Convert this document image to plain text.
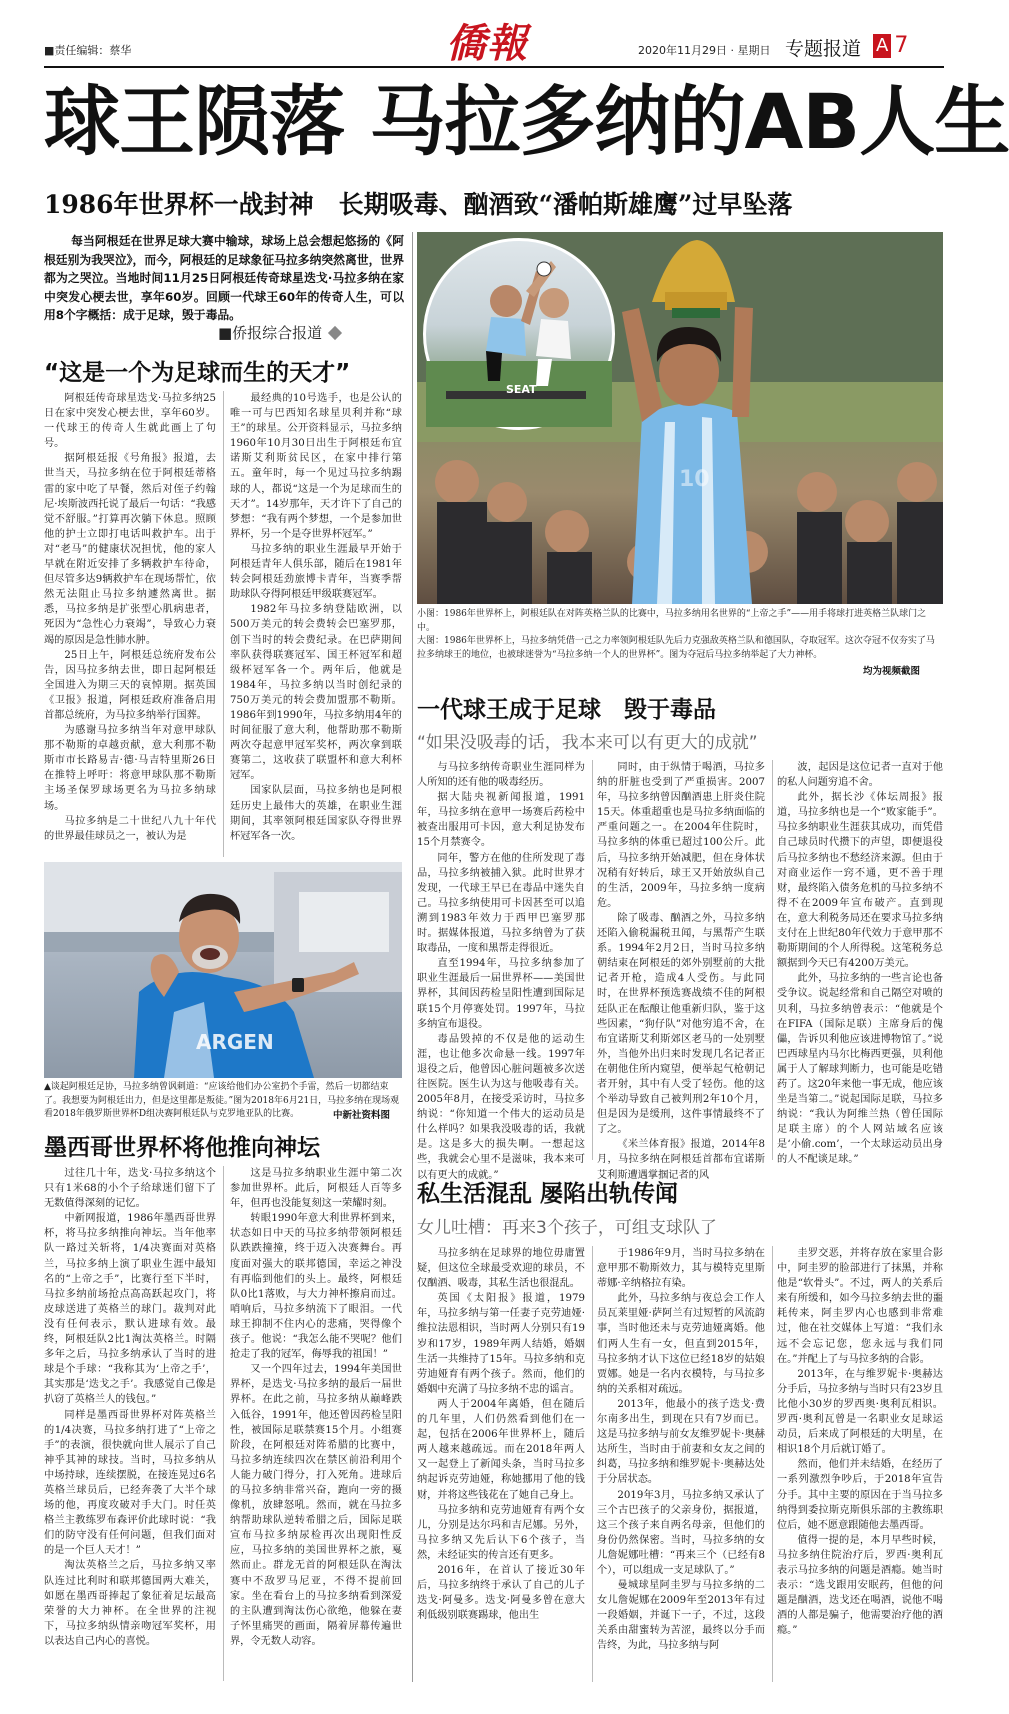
■责任编辑：蔡华	僑報	2020年11月29日 · 星期日 专题报道 A 7
球王陨落 马拉多纳的AB人生
1986年世界杯一战封神　长期吸毒、酗酒致“潘帕斯雄鹰”过早坠落
每当阿根廷在世界足球大赛中输球，球场上总会想起悠扬的《阿根廷别为我哭泣》，而今，阿根廷的足球象征马拉多纳突然离世，世界都为之哭泣。当地时间11月25日阿根廷传奇球星迭戈·马拉多纳在家中突发心梗去世，享年60岁。回顾一代球王60年的传奇人生，可以用8个字概括：成于足球，毁于毒品。
■侨报综合报道
“这是一个为足球而生的天才”

阿根廷传奇球星迭戈·马拉多纳25日在家中突发心梗去世，享年60岁。一代球王的传奇人生就此画上了句号。

据阿根廷报《号角报》报道，去世当天，马拉多纳在位于阿根廷蒂格雷的家中吃了早餐，然后对侄子约翰尼·埃斯波西托说了最后一句话：“我感觉不舒服。”打算再次躺下休息。照顾他的护士立即打电话叫救护车。出于对“老马”的健康状况担忧，他的家人早就在附近安排了多辆救护车待命，但尽管多达9辆救护车在现场帮忙，依然无法阻止马拉多纳遽然离世。据悉，马拉多纳是扩张型心肌病患者，死因为“急性心力衰竭”，导致心力衰竭的原因是急性肺水肿。

25日上午，阿根廷总统府发布公告，因马拉多纳去世，即日起阿根廷全国进入为期三天的哀悼期。据英国《卫报》报道，阿根廷政府准备启用首都总统府，为马拉多纳举行国葬。

为感谢马拉多纳当年对意甲球队那不勒斯的卓越贡献，意大利那不勒斯市市长路易吉·德·马吉特里斯26日在推特上呼吁：将意甲球队那不勒斯主场圣保罗球场更名为马拉多纳球场。

马拉多纳是二十世纪八九十年代的世界最佳球员之一，被认为是

最经典的10号选手，也是公认的唯一可与巴西知名球星贝利并称“球王”的球星。公开资料显示，马拉多纳1960年10月30日出生于阿根廷布宜诺斯艾利斯贫民区，在家中排行第五。童年时，每一个见过马拉多纳踢球的人，都说“这是一个为足球而生的天才”。14岁那年，天才许下了自己的梦想：“我有两个梦想，一个是参加世界杯，另一个是夺世界杯冠军。”

马拉多纳的职业生涯最早开始于阿根廷青年人俱乐部，随后在1981年转会阿根廷劲旅博卡青年，当赛季帮助球队夺得阿根廷甲级联赛冠军。

1982年马拉多纳登陆欧洲，以500万美元的转会费转会巴塞罗那，创下当时的转会费纪录。在巴萨期间率队获得联赛冠军、国王杯冠军和超级杯冠军各一个。两年后，他就是1984年，马拉多纳以当时创纪录的750万美元的转会费加盟那不勒斯。1986年到1990年，马拉多纳用4年的时间征服了意大利，他帮助那不勒斯两次夺起意甲冠军奖杯，两次拿到联赛第二，这收获了联盟杯和意大利杯冠军。

国家队层面，马拉多纳也是阿根廷历史上最伟大的英雄，在职业生涯期间，其率领阿根廷国家队夺得世界杯冠军各一次。

ARGEN
▲谈起阿根廷足协，马拉多纳曾讽刺道：“应该给他们办公室扔个手雷，然后一切都结束了。我想要为阿根廷出力，但是这里都是叛徒。”图为2018年6月21日，马拉多纳在现场观看2018年俄罗斯世界杯D组决赛阿根廷队与克罗地亚队的比赛。	中新社资料图
墨西哥世界杯将他推向神坛

过往几十年，迭戈·马拉多纳这个只有1米68的小个子给球迷们留下了无数值得深刻的记忆。

中新网报道，1986年墨西哥世界杯，将马拉多纳推向神坛。当年他率队一路过关斩将，1/4决赛面对英格兰，马拉多纳上演了职业生涯中最知名的“上帝之手”，比赛行至下半时，马拉多纳前场抢点高高跃起攻门，将皮球送进了英格兰的球门。裁判对此没有任何表示，默认进球有效。最终，阿根廷队2比1淘汰英格兰。时隔多年之后，马拉多纳承认了当时的进球是个手球：“我称其为‘上帝之手’，其实那是‘迭戈之手’。我感觉自己像是扒窃了英格兰人的钱包。”

同样是墨西哥世界杯对阵英格兰的1/4决赛，马拉多纳打进了“上帝之手”的表演，很快就向世人展示了自己神乎其神的球技。当时，马拉多纳从中场持球，连续摆脱，在接连晃过6名英格兰球员后，已经奔袭了大半个球场的他，再度攻破对手大门。时任英格兰主教练罗布森评价此球时说：“我们的防守没有任何问题，但我们面对的是一个巨人天才！”

淘汰英格兰之后，马拉多纳又率队连过比利时和联邦德国两大难关，如愿在墨西哥捧起了象征着足坛最高荣誉的大力神杯。在全世界的注视下，马拉多纳纵情亲吻冠军奖杯，用以表达自己内心的喜悦。

这是马拉多纳职业生涯中第二次参加世界杯。此后，阿根廷人百等多年，但再也没能复刻这一荣耀时刻。

转眼1990年意大利世界杯到来，状态如日中天的马拉多纳带领阿根廷队跌跌撞撞，终于迈入决赛舞台。再度面对强大的联邦德国，幸运之神没有再临到他们的头上。最终，阿根廷队0比1落败，与大力神杯擦肩而过。哨响后，马拉多纳流下了眼泪。一代球王抑制不住内心的悲痛，哭得像个孩子。他说：“我怎么能不哭呢？他们抢走了我的冠军，侮辱我的祖国！”

又一个四年过去，1994年美国世界杯，是迭戈·马拉多纳的最后一届世界杯。在此之前，马拉多纳从巅峰跌入低谷，1991年，他还曾因药检呈阳性，被国际足联禁赛15个月。小组赛阶段，在阿根廷对阵希腊的比赛中，马拉多纳连续四次在禁区前沿利用个人能力破门得分，打入死角。进球后的马拉多纳非常兴奋，跑向一旁的摄像机，放肆怒吼。然而，就在马拉多纳帮助球队逆转希腊之后，国际足联宣布马拉多纳尿检再次出现阳性反应，马拉多纳的美国世界杯之旅，戛然而止。群龙无首的阿根廷队在淘汰赛中不敌罗马尼亚，不得不提前回家。坐在看台上的马拉多纳看到深爱的主队遭到淘汰伤心欲绝，他躲在妻子怀里痛哭的画面，隔着屏幕传遍世界，令无数人动容。

SEAT
10
小图：1986年世界杯上，阿根廷队在对阵英格兰队的比赛中，马拉多纳用名世界的“上帝之手”——用手将球打进英格兰队球门之中。
大图：1986年世界杯上，马拉多纳凭借一己之力率领阿根廷队先后力克强敌英格兰队和德国队，夺取冠军。这次夺冠不仅夯实了马拉多纳球王的地位，也被球迷誉为“马拉多纳一个人的世界杯”。图为夺冠后马拉多纳举起了大力神杯。
均为视频截图
一代球王成于足球　毁于毒品
“如果没吸毒的话，我本来可以有更大的成就”

与马拉多纳传奇职业生涯同样为人所知的还有他的吸毒经历。

据大陆央视新闻报道，1991年，马拉多纳在意甲一场赛后药检中被查出服用可卡因，意大利足协发布15个月禁赛令。

同年，警方在他的住所发现了毒品，马拉多纳被捕入狱。此时世界才发现，一代球王早已在毒品中迷失自己。马拉多纳使用可卡因甚至可以追溯到1983年效力于西甲巴塞罗那时。据媒体报道，马拉多纳曾为了获取毒品，一度和黑帮走得很近。

直至1994年，马拉多纳参加了职业生涯最后一届世界杯——美国世界杯，其间因药检呈阳性遭到国际足联15个月停赛处罚。1997年，马拉多纳宣布退役。

毒品毁掉的不仅是他的运动生涯，也让他多次命悬一线。1997年退役之后，他曾因心脏问题被多次送往医院。医生认为这与他吸毒有关。2005年8月，在接受采访时，马拉多纳说：“你知道一个伟大的运动员是什么样吗？如果我没吸毒的话，我就是。这是多大的损失啊。一想起这些，我就会心里不是滋味，我本来可以有更大的成就。”

同时，由于纵情于喝酒，马拉多纳的肝脏也受到了严重损害。2007年，马拉多纳曾因酗酒患上肝炎住院15天。体重超重也是马拉多纳面临的严重问题之一。在2004年住院时，马拉多纳的体重已超过100公斤。此后，马拉多纳开始减肥，但在身体状况稍有好转后，球王又开始放纵自己的生活，2009年，马拉多纳一度病危。

除了吸毒、酗酒之外，马拉多纳还陷入偷税漏税丑闻，与黑帮产生联系。1994年2月2日，当时马拉多纳朝结束在阿根廷的郊外别墅前的大批记者开枪，造成4人受伤。与此同时，在世界杯预选赛战绩不佳的阿根廷队正在酝酿让他重新归队，鉴于这些因素，“狗仔队”对他穷追不舍，在布宜诺斯艾利斯郊区老马的一处别墅外，当他外出归来时发现几名记者正在朝他住所内窥望，便举起气枪朝记者开射，其中有人受了轻伤。他的这个举动导致自己被判刑2年10个月，但是因为是缓刑，这件事情最终不了了之。

《米兰体育报》报道，2014年8月，马拉多纳在阿根廷首都布宜诺斯艾利斯遭遇掌掴记者的风

波，起因是这位记者一直对于他的私人问题穷追不舍。

此外，据长沙《体坛周报》报道，马拉多纳也是一个“败家能手”。马拉多纳职业生涯获其成功，而凭借自己球员时代攒下的声望，即便退役后马拉多纳也不愁经济来源。但由于对商业运作一窍不通，更不善于理财，最终陷入债务危机的马拉多纳不得不在2009年宣布破产。直到现在，意大利税务局还在要求马拉多纳支付在上世纪80年代效力于意甲那不勒斯期间的个人所得税。这笔税务总额据到今天已有4200万美元。

此外，马拉多纳的一些言论也备受争议。说起经常和自己隔空对喷的贝利，马拉多纳曾表示：“他就是个在FIFA（国际足联）主席身后的傀儡，告诉贝利他应该进博物馆了。”说巴西球星内马尔比梅西更强，贝利他属于人了解球判断力，也可能是吃错药了。这20年来他一事无成，他应该坐是当第二。”说起国际足联，马拉多纳说：“我认为阿维兰热（曾任国际足联主席）的个人网站域名应该是‘小偷.com’，一个太球运动员出身的人不配谈足球。”

私生活混乱 屡陷出轨传闻
女儿吐槽：再来3个孩子，可组支球队了

马拉多纳在足球界的地位毋庸置疑，但这位全球最受欢迎的球员，不仅酗酒、吸毒，其私生活也很混乱。

英国《太阳报》报道，1979年，马拉多纳与第一任妻子克劳迪娅·维拉法恩相识，当时两人分别只有19岁和17岁，1989年两人结婚，婚姻生活一共维持了15年。马拉多纳和克劳迪娅育有两个孩子。然而，他们的婚姻中充满了马拉多纳不忠的谣言。

两人于2004年离婚，但在随后的几年里，人们仍然看到他们在一起，包括在2006年世界杯上，随后两人越来越疏远。而在2018年两人又一起登上了新闻头条，当时马拉多纳起诉克劳迪娅，称她挪用了他的钱财，并将这些钱花在了她自己身上。

马拉多纳和克劳迪娅育有两个女儿，分别是达尔玛和吉尼娜。另外，马拉多纳又先后认下6个孩子，当然，未经证实的传言还有更多。

2016年，在首认了接近30年后，马拉多纳终于承认了自己的儿子迭戈·阿曼多。迭戈·阿曼多曾在意大利低级别联赛踢球，他出生

于1986年9月，当时马拉多纳在意甲那不勒斯效力，其与模特克里斯蒂娜·辛纳格拉有染。

此外，马拉多纳与夜总会工作人员瓦莱里娅·萨阿兰有过短暂的风流韵事，当时他还未与克劳迪娅离婚。他们两人生有一女，但直到2015年，马拉多纳才认下这位已经18岁的姑娘贾娜。她是一名内衣模特，与马拉多纳的关系相对疏远。

2013年，他最小的孩子迭戈·费尔南多出生，到现在只有7岁而已。这是马拉多纳与前女友维罗妮卡·奥赫达所生，当时由于前妻和女友之间的纠葛，马拉多纳和维罗妮卡·奥赫达处于分居状态。

2019年3月，马拉多纳又承认了三个古巴孩子的父亲身份，据报道，这三个孩子来自两名母亲，但他们的身份仍然保密。当时，马拉多纳的女儿詹妮娜吐槽：“再来三个（已经有8个），可以组成一支足球队了。”

曼城球星阿圭罗与马拉多纳的二女儿詹妮娜在2009年至2013年有过一段婚姻，并诞下一子，不过，这段关系由甜蜜转为苦涩，最终以分手而告终，为此，马拉多纳与阿

圭罗交恶，并将存放在家里合影中，阿圭罗的脸部进行了抹黑，并称他是“软骨头”。不过，两人的关系后来有所缓和，如今马拉多纳去世的噩耗传来，阿圭罗内心也感到非常难过，他在社交媒体上写道：“我们永远不会忘记您，您永远与我们同在。”并配上了与马拉多纳的合影。

2013年，在与维罗妮卡·奥赫达分手后，马拉多纳与当时只有23岁且比他小30岁的罗西奥·奥利瓦相识。罗西·奥利瓦曾是一名职业女足球运动员，后来成了阿根廷的大明星，在相识18个月后就订婚了。

然而，他们并未结婚，在经历了一系列激烈争吵后，于2018年宣告分手。其中主要的原因在于当马拉多纳得到委拉斯克斯俱乐部的主教练职位后，她不愿意跟随他去墨西哥。

值得一提的是，本月早些时候，马拉多纳住院治疗后，罗西·奥利瓦表示马拉多纳的问题是酒瘾。她当时表示：“选戈跟用安眠药，但他的问题是酗酒，迭戈还在喝酒，说他不喝酒的人都是骗子，他需要治疗他的酒瘾。”
